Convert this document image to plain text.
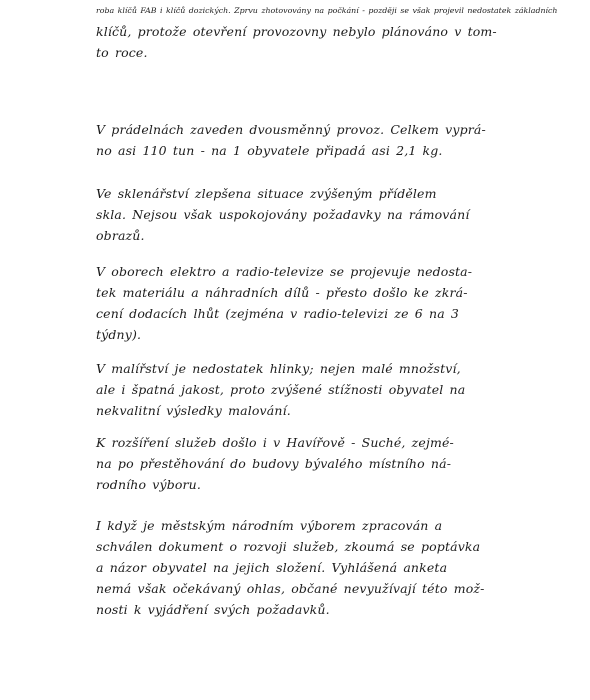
roba klíčů FAB i klíčů dozických. Zprvu zhotovovány na počkání - později se však projevil nedostatek základních
klíčů, protože otevření provozovny nebylo plánováno v tom-
to roce.
V prádelnách zaveden dvousměnný provoz. Celkem vyprá-
no asi 110 tun - na 1 obyvatele připadá asi 2,1 kg.
Ve sklenářství zlepšena situace zvýšeným přídělem
skla. Nejsou však uspokojovány požadavky na rámování
obrazů.
V oborech elektro a radio-televize se projevuje nedosta-
tek materiálu a náhradních dílů - přesto došlo ke zkrá-
cení dodacích lhůt (zejména v radio-televizi ze 6 na 3
týdny).
V malířství je nedostatek hlinky; nejen malé množství,
ale i špatná jakost, proto zvýšené stížnosti obyvatel na
nekvalitní výsledky malování.
K rozšíření služeb došlo i v Havířově - Suché, zejmé-
na po přestěhování do budovy bývalého místního ná-
rodního výboru.
I když je městským národním výborem zpracován a
schválen dokument o rozvoji služeb, zkoumá se poptávka
a názor obyvatel na jejich složení. Vyhlášená anketa
nemá však očekávaný ohlas, občané nevyužívají této mož-
nosti k vyjádření svých požadavků.
